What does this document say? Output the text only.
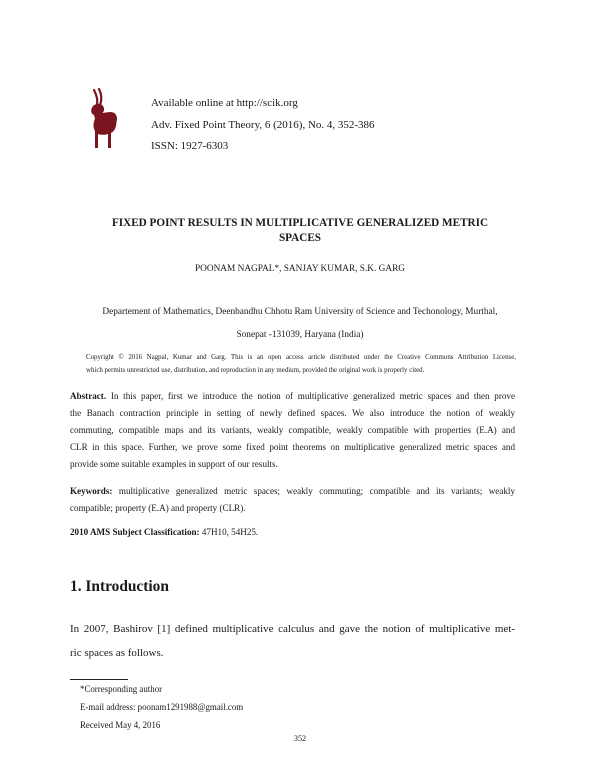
Available online at http://scik.org
Adv. Fixed Point Theory, 6 (2016), No. 4, 352-386
ISSN: 1927-6303
FIXED POINT RESULTS IN MULTIPLICATIVE GENERALIZED METRIC
SPACES
POONAM NAGPAL*, SANJAY KUMAR, S.K. GARG
Departement of Mathematics, Deenbandhu Chhotu Ram University of Science and Techonology, Murthal,
Sonepat -131039, Haryana (India)
Copyright © 2016 Nagpal, Kumar and Garg. This is an open access article distributed under the Creative Commons Attribution License,
which permits unrestricted use, distribution, and reproduction in any medium, provided the original work is properly cited.
Abstract. In this paper, first we introduce the notion of multiplicative generalized metric spaces and then prove
the Banach contraction principle in setting of newly defined spaces. We also introduce the notion of weakly
commuting, compatible maps and its variants, weakly compatible, weakly compatible with properties (E.A) and
CLR in this space. Further, we prove some fixed point theorems on multiplicative generalized metric spaces and
provide some suitable examples in support of our results.
Keywords: multiplicative generalized metric spaces; weakly commuting; compatible and its variants; weakly
compatible; property (E.A) and property (CLR).
2010 AMS Subject Classification: 47H10, 54H25.
1. Introduction
In 2007, Bashirov [1] defined multiplicative calculus and gave the notion of multiplicative met-
ric spaces as follows.
*Corresponding author
E-mail address: poonam1291988@gmail.com
Received May 4, 2016
352
